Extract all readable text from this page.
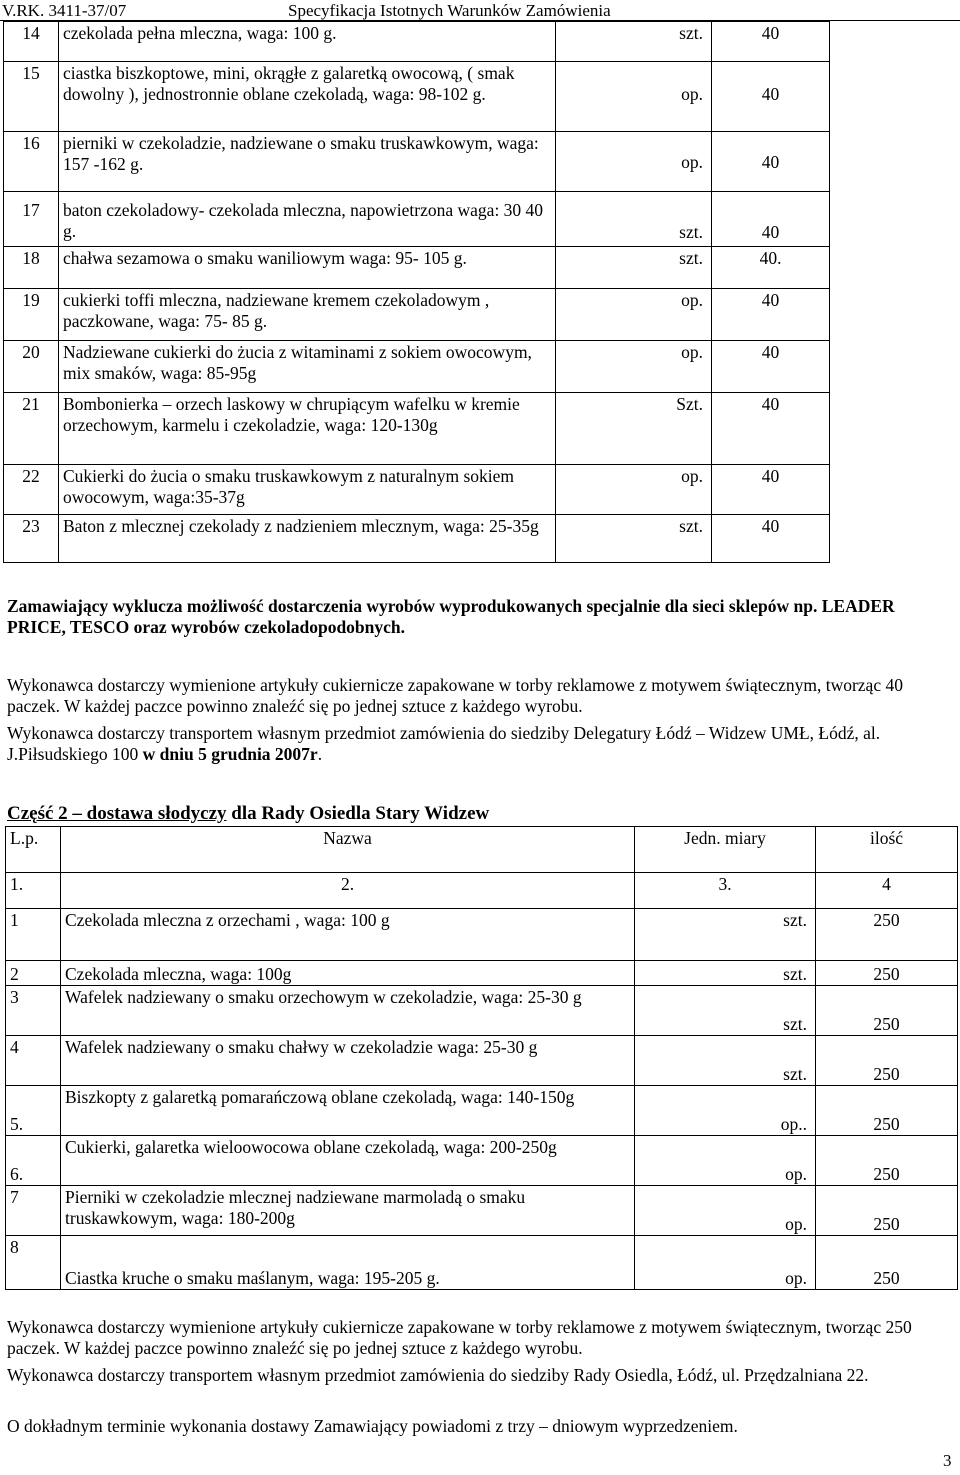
V.RK. 3411-37/07	Specyfikacja Istotnych Warunków Zamówienia
14	czekolada pełna mleczna, waga: 100 g.	szt.	40
15	ciastka biszkoptowe, mini, okrągłe z galaretką owocową, ( smak dowolny ), jednostronnie oblane czekoladą, waga: 98-102 g.	op.	40
16	pierniki w czekoladzie, nadziewane o smaku truskawkowym, waga: 157 -162 g.	op.	40
17	baton czekoladowy- czekolada mleczna, napowietrzona waga: 30 40 g.	szt.	40
18	chałwa sezamowa o smaku waniliowym waga: 95- 105 g.	szt.	40.
19	cukierki toffi mleczna, nadziewane kremem czekoladowym , paczkowane, waga: 75- 85 g.	op.	40
20	Nadziewane cukierki do żucia z witaminami z sokiem owocowym, mix smaków, waga: 85-95g	op.	40
21	Bombonierka – orzech laskowy w chrupiącym wafelku w kremie orzechowym, karmelu i czekoladzie, waga: 120-130g	Szt.	40
22	Cukierki do żucia o smaku truskawkowym z naturalnym sokiem owocowym, waga:35-37g	op.	40
23	Baton z mlecznej czekolady z nadzieniem mlecznym, waga: 25-35g	szt.	40

Zamawiający wyklucza możliwość dostarczenia wyrobów wyprodukowanych specjalnie dla sieci sklepów np. LEADER PRICE, TESCO oraz wyrobów czekoladopodobnych.

Wykonawca dostarczy wymienione artykuły cukiernicze zapakowane w torby reklamowe z motywem świątecznym, tworząc 40 paczek. W każdej paczce powinno znaleźć się po jednej sztuce z każdego wyrobu.

Wykonawca dostarczy transportem własnym przedmiot zamówienia do siedziby Delegatury Łódź – Widzew UMŁ, Łódź, al. J.Piłsudskiego 100 w dniu 5 grudnia 2007r.

Część 2 – dostawa słodyczy dla Rady Osiedla Stary Widzew
L.p.	Nazwa	Jedn. miary	ilość
1.	2.	3.	4
1	Czekolada mleczna z orzechami , waga: 100 g	szt.	250
2	Czekolada mleczna, waga: 100g	szt.	250
3	Wafelek nadziewany o smaku orzechowym w czekoladzie, waga: 25-30 g	szt.	250
4	Wafelek nadziewany o smaku chałwy w czekoladzie waga: 25-30 g	szt.	250
5.	Biszkopty z galaretką pomarańczową oblane czekoladą, waga: 140-150g	op..	250
6.	Cukierki, galaretka wieloowocowa oblane czekoladą, waga: 200-250g	op.	250
7	Pierniki w czekoladzie mlecznej nadziewane marmoladą o smaku truskawkowym, waga: 180-200g	op.	250
8	Ciastka kruche o smaku maślanym, waga: 195-205 g.	op.	250

Wykonawca dostarczy wymienione artykuły cukiernicze zapakowane w torby reklamowe z motywem świątecznym, tworząc 250 paczek. W każdej paczce powinno znaleźć się po jednej sztuce z każdego wyrobu.

Wykonawca dostarczy transportem własnym przedmiot zamówienia do siedziby Rady Osiedla, Łódź, ul. Przędzalniana 22.

O dokładnym terminie wykonania dostawy Zamawiający powiadomi z trzy – dniowym wyprzedzeniem.

3
